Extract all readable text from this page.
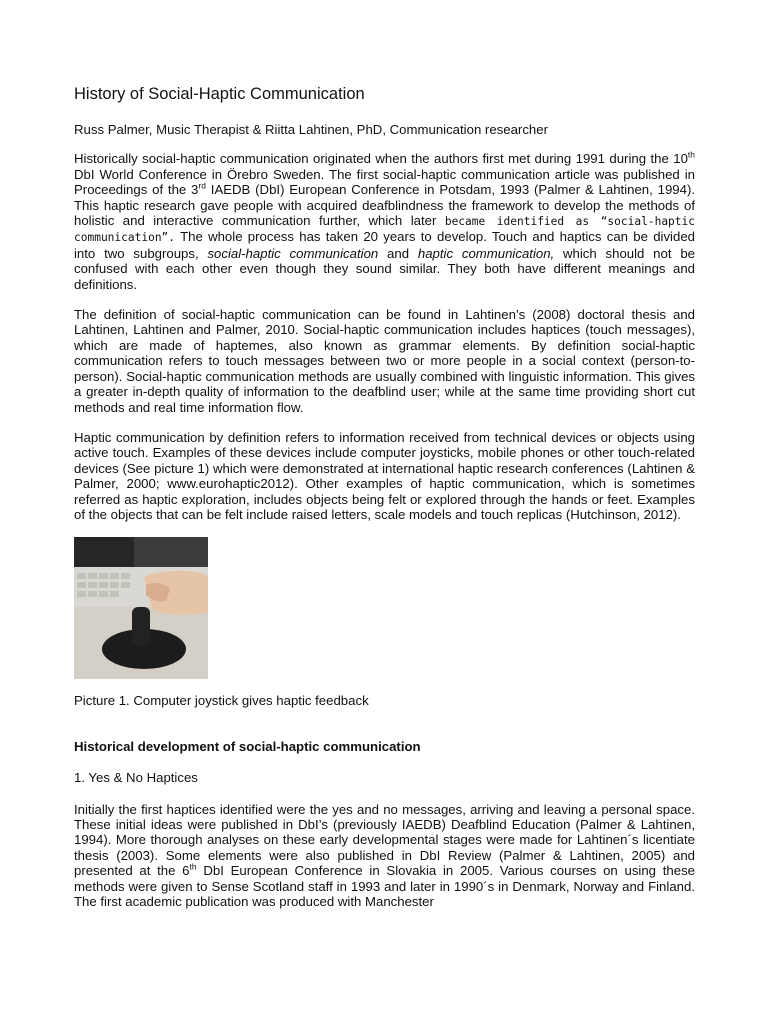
History of Social-Haptic Communication

Russ Palmer, Music Therapist & Riitta Lahtinen, PhD, Communication researcher

Historically social-haptic communication originated when the authors first met during 1991 during the 10th DbI World Conference in Örebro Sweden. The first social-haptic communication article was published in Proceedings of the 3rd IAEDB (DbI) European Conference in Potsdam, 1993 (Palmer & Lahtinen, 1994). This haptic research gave people with acquired deafblindness the framework to develop the methods of holistic and interactive communication further, which later became identified as “social-haptic communication”. The whole process has taken 20 years to develop. Touch and haptics can be divided into two subgroups, social-haptic communication and haptic communication, which should not be confused with each other even though they sound similar. They both have different meanings and definitions.

The definition of social-haptic communication can be found in Lahtinen’s (2008) doctoral thesis and Lahtinen, Lahtinen and Palmer, 2010. Social-haptic communication includes haptices (touch messages), which are made of haptemes, also known as grammar elements. By definition social-haptic communication refers to touch messages between two or more people in a social context (person-to-person). Social-haptic communication methods are usually combined with linguistic information. This gives a greater in-depth quality of information to the deafblind user; while at the same time providing short cut methods and real time information flow.

Haptic communication by definition refers to information received from technical devices or objects using active touch. Examples of these devices include computer joysticks, mobile phones or other touch-related devices (See picture 1) which were demonstrated at international haptic research conferences (Lahtinen & Palmer, 2000; www.eurohaptic2012). Other examples of haptic communication, which is sometimes referred as haptic exploration, includes objects being felt or explored through the hands or feet. Examples of the objects that can be felt include raised letters, scale models and touch replicas (Hutchinson, 2012).

Picture 1. Computer joystick gives haptic feedback

Historical development of social-haptic communication

1. Yes & No Haptices

Initially the first haptices identified were the yes and no messages, arriving and leaving a personal space. These initial ideas were published in DbI’s (previously IAEDB) Deafblind Education (Palmer & Lahtinen, 1994). More thorough analyses on these early developmental stages were made for Lahtinen´s licentiate thesis (2003). Some elements were also published in DbI Review (Palmer & Lahtinen, 2005) and presented at the 6th DbI European Conference in Slovakia in 2005. Various courses on using these methods were given to Sense Scotland staff in 1993 and later in 1990´s in Denmark, Norway and Finland. The first academic publication was produced with Manchester
